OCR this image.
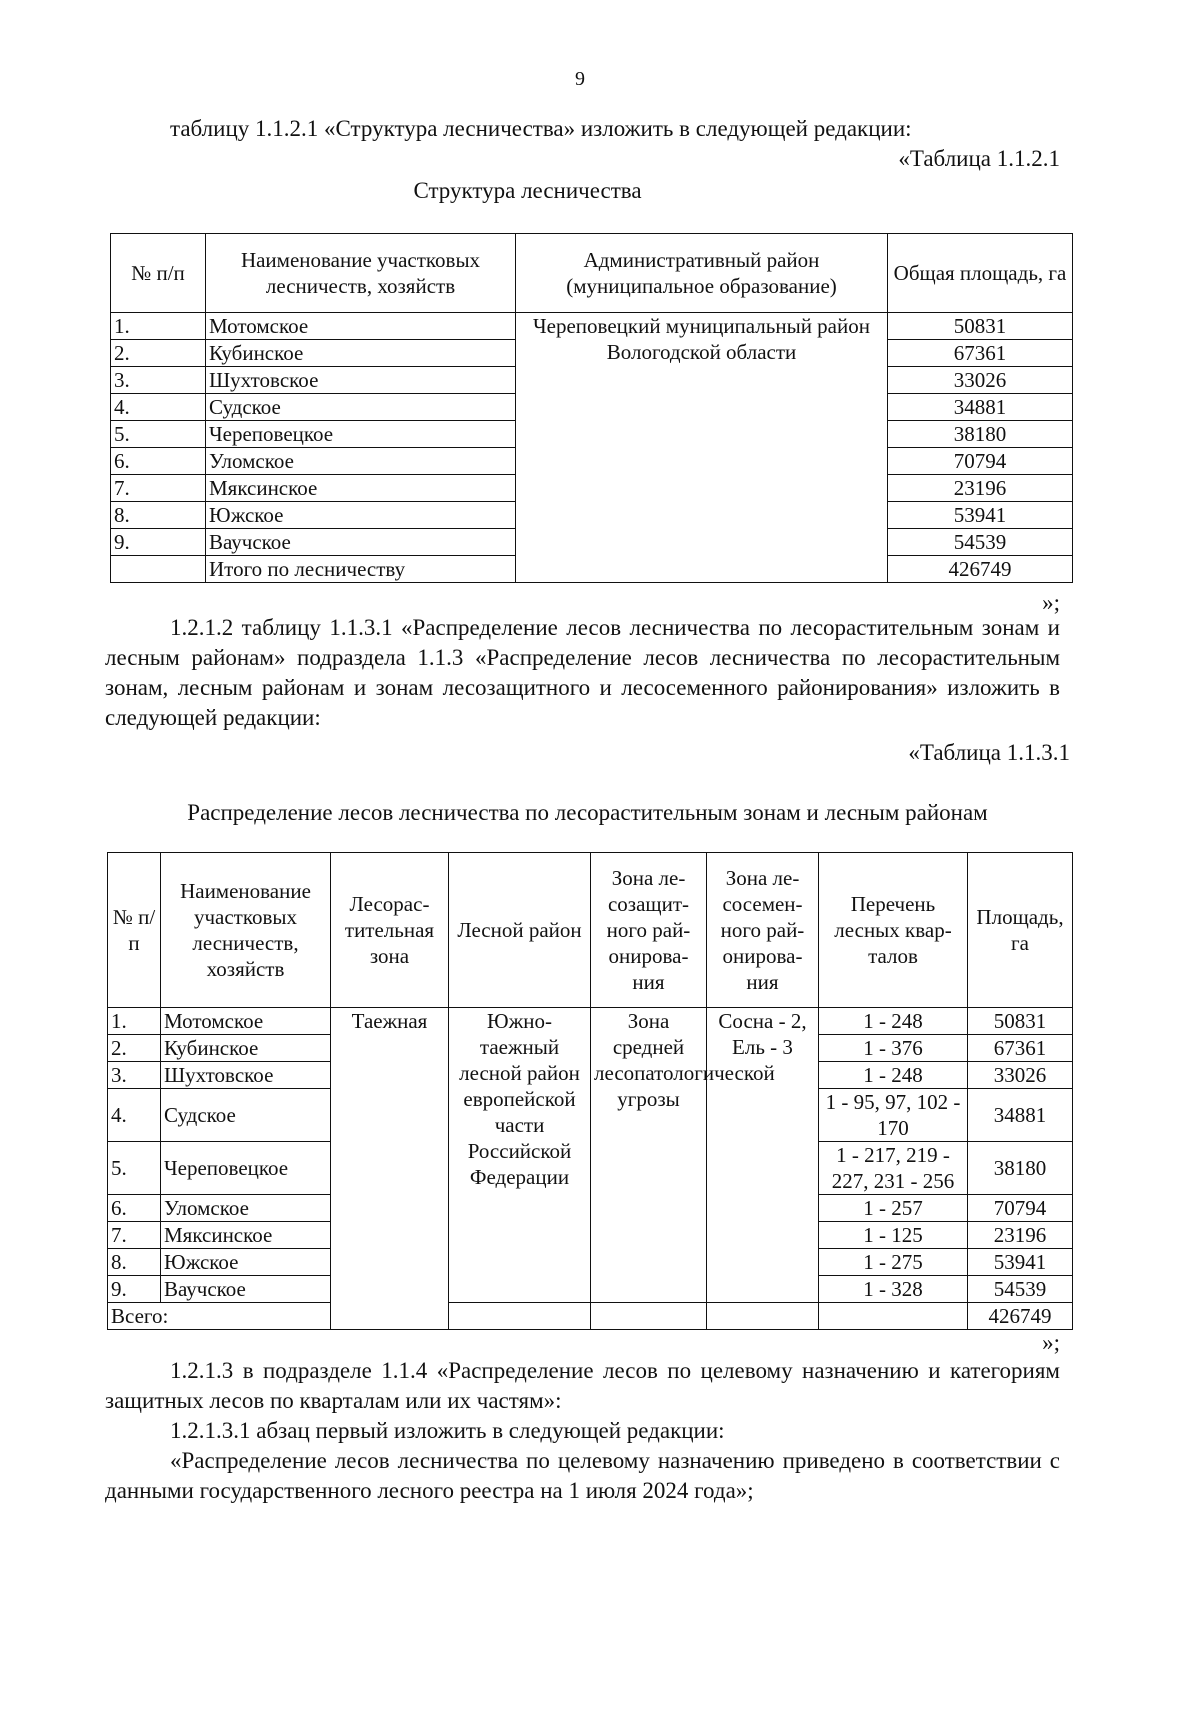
9
таблицу 1.1.2.1 «Структура лесничества» изложить в следующей редакции:
«Таблица 1.1.2.1
Структура лесничества
№ п/п	Наименование участковых лесничеств, хозяйств	Административный район (муниципальное образование)	Общая площадь, га
1.	Мотомское	Череповецкий муниципальный район Вологодской области	50831
2.	Кубинское		67361
3.	Шухтовское		33026
4.	Судское		34881
5.	Череповецкое		38180
6.	Уломское		70794
7.	Мяксинское		23196
8.	Южское		53941
9.	Ваучское		54539
	Итого по лесничеству		426749
»;
1.2.1.2 таблицу 1.1.3.1 «Распределение лесов лесничества по лесорастительным зонам и лесным районам» подраздела 1.1.3 «Распределение лесов лесничества по лесорастительным зонам, лесным районам и зонам лесозащитного и лесосеменного районирования» изложить в следующей редакции:
«Таблица 1.1.3.1
Распределение лесов лесничества по лесорастительным зонам и лесным районам
№ п/п	Наименование участковых лесничеств, хозяйств	Лесорас-тительная зона	Лесной район	Зона ле-созащит-ного рай-онирова-ния	Зона ле-сосемен-ного рай-онирова-ния	Перечень лесных квар-талов	Площадь, га
1.	Мотомское	Таежная	Южно-таежный лесной район европейской части Российской Федерации	Зона средней лесопатологической угрозы	Сосна - 2, Ель - 3	1 - 248	50831
2.	Кубинское					1 - 376	67361
3.	Шухтовское					1 - 248	33026
4.	Судское					1 - 95, 97, 102 - 170	34881
5.	Череповецкое					1 - 217, 219 - 227, 231 - 256	38180
6.	Уломское					1 - 257	70794
7.	Мяксинское					1 - 125	23196
8.	Южское					1 - 275	53941
9.	Ваучское					1 - 328	54539
Всего:							426749
»;
1.2.1.3 в подразделе 1.1.4 «Распределение лесов по целевому назначению и категориям защитных лесов по кварталам или их частям»:
1.2.1.3.1 абзац первый изложить в следующей редакции:
«Распределение лесов лесничества по целевому назначению приведено в соответствии с данными государственного лесного реестра на 1 июля 2024 года»;
